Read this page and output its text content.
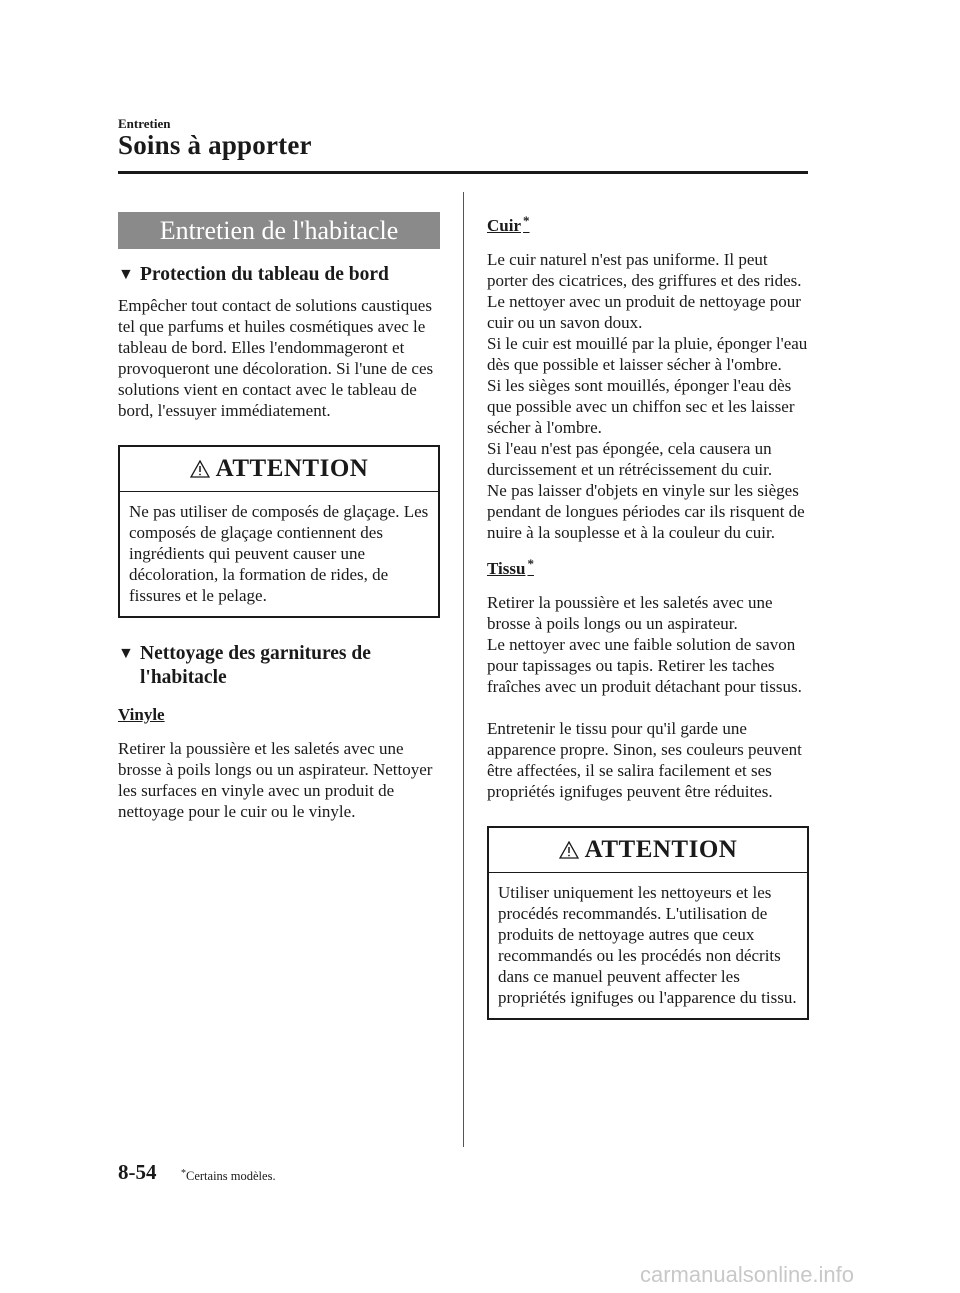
Entretien
Soins à apporter
Entretien de l'habitacle
▼ Protection du tableau de bord

Empêcher tout contact de solutions caustiques tel que parfums et huiles cosmétiques avec le tableau de bord. Elles l'endommageront et provoqueront une décoloration. Si l'une de ces solutions vient en contact avec le tableau de bord, l'essuyer immédiatement.

ATTENTION
Ne pas utiliser de composés de glaçage. Les composés de glaçage contiennent des ingrédients qui peuvent causer une décoloration, la formation de rides, de fissures et le pelage.
▼ Nettoyage des garnitures de l'habitacle
Vinyle

Retirer la poussière et les saletés avec une brosse à poils longs ou un aspirateur. Nettoyer les surfaces en vinyle avec un produit de nettoyage pour le cuir ou le vinyle.

Cuir *

Le cuir naturel n'est pas uniforme. Il peut porter des cicatrices, des griffures et des rides. Le nettoyer avec un produit de nettoyage pour cuir ou un savon doux.

Si le cuir est mouillé par la pluie, éponger l'eau dès que possible et laisser sécher à l'ombre.

Si les sièges sont mouillés, éponger l'eau dès que possible avec un chiffon sec et les laisser sécher à l'ombre.

Si l'eau n'est pas épongée, cela causera un durcissement et un rétrécissement du cuir.

Ne pas laisser d'objets en vinyle sur les sièges pendant de longues périodes car ils risquent de nuire à la souplesse et à la couleur du cuir.

Tissu *

Retirer la poussière et les saletés avec une brosse à poils longs ou un aspirateur.

Le nettoyer avec une faible solution de savon pour tapissages ou tapis. Retirer les taches fraîches avec un produit détachant pour tissus.

Entretenir le tissu pour qu'il garde une apparence propre. Sinon, ses couleurs peuvent être affectées, il se salira facilement et ses propriétés ignifuges peuvent être réduites.

ATTENTION
Utiliser uniquement les nettoyeurs et les procédés recommandés. L'utilisation de produits de nettoyage autres que ceux recommandés ou les procédés non décrits dans ce manuel peuvent affecter les propriétés ignifuges ou l'apparence du tissu.
8-54 *Certains modèles.
carmanualsonline.info
